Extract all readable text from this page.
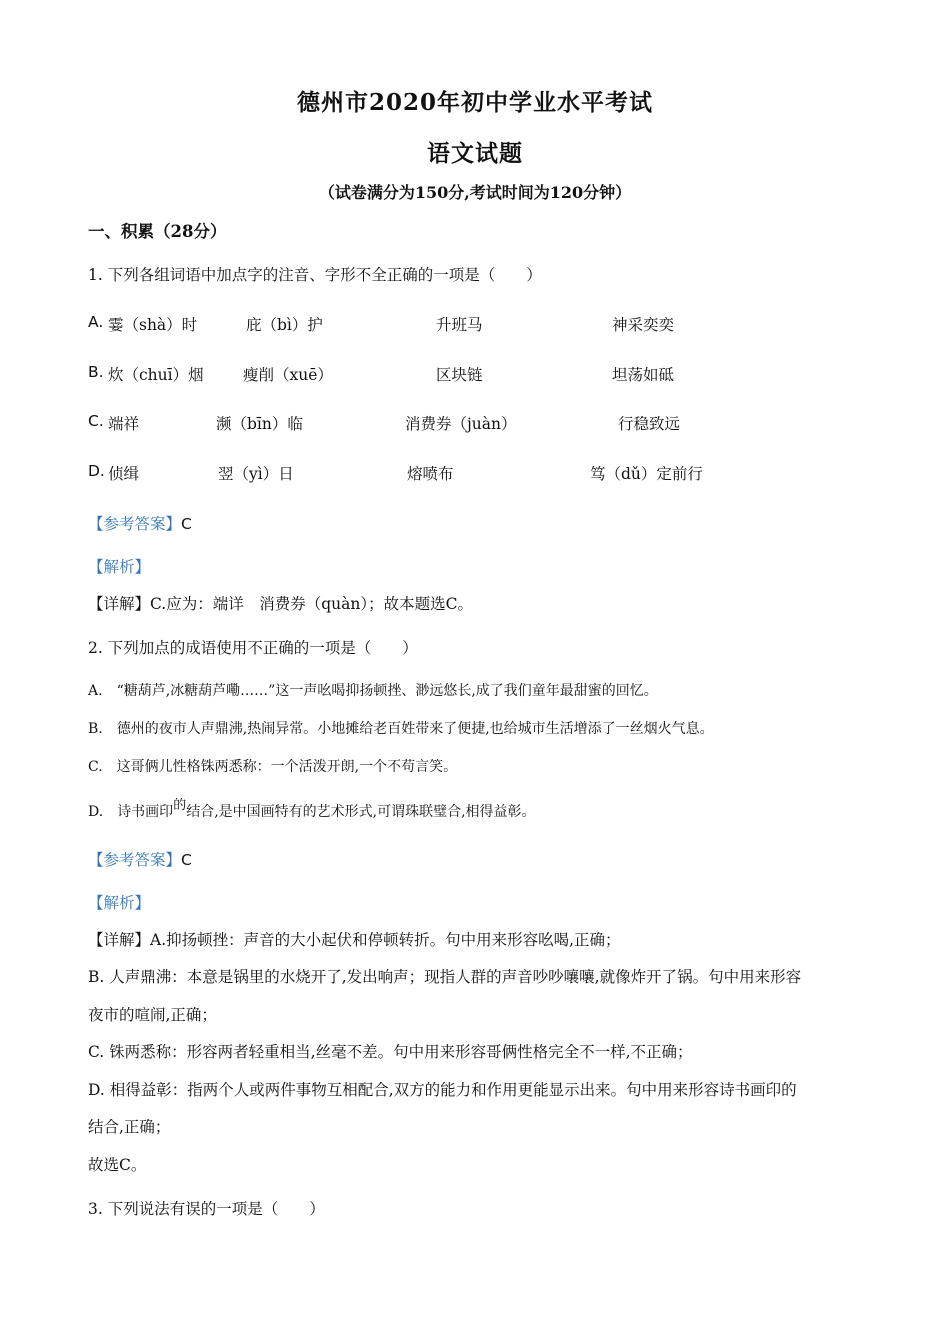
德州市2020年初中学业水平考试
语文试题
（试卷满分为150分,考试时间为120分钟）
一、积累（28分）
1. 下列各组词语中加点字的注音、字形不全正确的一项是（　　）
A. 霎（shà）时	庇（bì）护	升班马	神采奕奕
B. 炊（chuī）烟	瘦削（xuē）	区块链	坦荡如砥
C. 端祥	濒（bīn）临	消费券（juàn）	行稳致远
D. 侦缉	翌（yì）日	熔喷布	笃（dǔ）定前行
【参考答案】C
【解析】
【详解】C.应为：端详　消费券（quàn）；故本题选C。
2. 下列加点的成语使用不正确的一项是（　　）
A. “糖葫芦,冰糖葫芦嘞……”这一声吆喝抑扬顿挫、渺远悠长,成了我们童年最甜蜜的回忆。
B. 德州的夜市人声鼎沸,热闹异常。小地摊给老百姓带来了便捷,也给城市生活增添了一丝烟火气息。
C. 这哥俩儿性格铢两悉称：一个活泼开朗,一个不苟言笑。
D. 诗书画印的结合,是中国画特有的艺术形式,可谓珠联璧合,相得益彰。
【参考答案】C
【解析】
【详解】A.抑扬顿挫：声音的大小起伏和停顿转折。句中用来形容吆喝,正确；
B. 人声鼎沸：本意是锅里的水烧开了,发出响声；现指人群的声音吵吵嚷嚷,就像炸开了锅。句中用来形容
夜市的喧闹,正确；
C. 铢两悉称：形容两者轻重相当,丝毫不差。句中用来形容哥俩性格完全不一样,不正确；
D. 相得益彰：指两个人或两件事物互相配合,双方的能力和作用更能显示出来。句中用来形容诗书画印的
结合,正确；
故选C。
3. 下列说法有误的一项是（　　）
